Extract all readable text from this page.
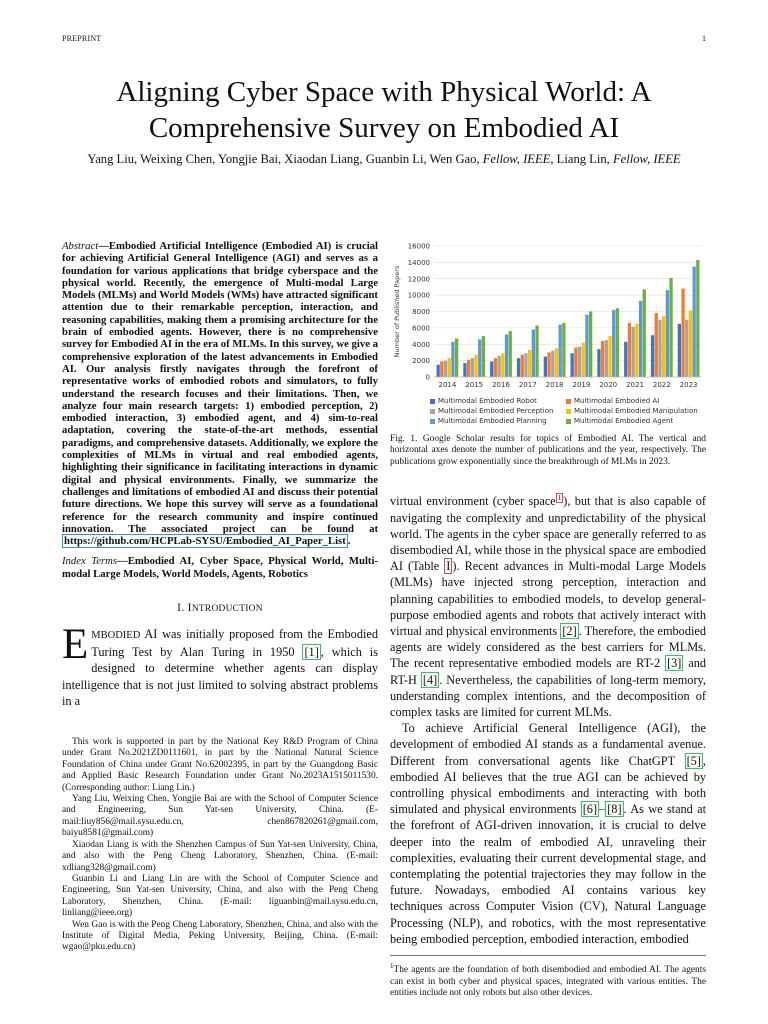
PREPRINT	1
Aligning Cyber Space with Physical World: A Comprehensive Survey on Embodied AI
Yang Liu, Weixing Chen, Yongjie Bai, Xiaodan Liang, Guanbin Li, Wen Gao, Fellow, IEEE, Liang Lin, Fellow, IEEE

Abstract—Embodied Artificial Intelligence (Embodied AI) is crucial for achieving Artificial General Intelligence (AGI) and serves as a foundation for various applications that bridge cyberspace and the physical world. Recently, the emergence of Multi-modal Large Models (MLMs) and World Models (WMs) have attracted significant attention due to their remarkable perception, interaction, and reasoning capabilities, making them a promising architecture for the brain of embodied agents. However, there is no comprehensive survey for Embodied AI in the era of MLMs. In this survey, we give a comprehensive exploration of the latest advancements in Embodied AI. Our analysis firstly navigates through the forefront of representative works of embodied robots and simulators, to fully understand the research focuses and their limitations. Then, we analyze four main research targets: 1) embodied perception, 2) embodied interaction, 3) embodied agent, and 4) sim-to-real adaptation, covering the state-of-the-art methods, essential paradigms, and comprehensive datasets. Additionally, we explore the complexities of MLMs in virtual and real embodied agents, highlighting their significance in facilitating interactions in dynamic digital and physical environments. Finally, we summarize the challenges and limitations of embodied AI and discuss their potential future directions. We hope this survey will serve as a foundational reference for the research community and inspire continued innovation. The associated project can be found at https://github.com/HCPLab-SYSU/Embodied_AI_Paper_List .

Index Terms—Embodied AI, Cyber Space, Physical World, Multi-modal Large Models, World Models, Agents, Robotics

I. INTRODUCTION

EMBODIED AI was initially proposed from the Embodied Turing Test by Alan Turing in 1950 [1] , which is designed to determine whether agents can display intelligence that is not just limited to solving abstract problems in a

This work is supported in part by the National Key R&D Program of China under Grant No.2021ZD0111601, in part by the National Natural Science Foundation of China under Grant No.62002395, in part by the Guangdong Basic and Applied Basic Research Foundation under Grant No.2023A1515011530. (Corresponding author: Liang Lin.)

Yang Liu, Weixing Chen, Yongjie Bai are with the School of Computer Science and Engineering, Sun Yat-sen University, China. (E-mail:liuy856@mail.sysu.edu.cn, chen867820261@gmail.com, baiyu8581@gmail.com)

Xiaodan Liang is with the Shenzhen Campus of Sun Yat-sen University, China, and also with the Peng Cheng Laboratory, Shenzhen, China. (E-mail: xdliang328@gmail.com)

Guanbin Li and Liang Lin are with the School of Computer Science and Engineering, Sun Yat-sen University, China, and also with the Peng Cheng Laboratory, Shenzhen, China. (E-mail: liguanbin@mail.sysu.edu.cn, linliang@ieee.org)

Wen Gao is with the Peng Cheng Laboratory, Shenzhen, China, and also with the Institute of Digital Media, Peking University, Beijing, China. (E-mail: wgao@pku.edu.cn)

0
2000
4000
6000
8000
10000
12000
14000
16000
Number of Published Papers
2014 2015 2016 2017 2018 2019 2020 2021 2022 2023
Multimodal Embodied Robot	Multimodal Embodied AIMultimodal Embodied Perception	Multimodal Embodied ManipulationMultimodal Embodied Planning	Multimodal Embodied Agent

Fig. 1. Google Scholar results for topics of Embodied AI. The vertical and horizontal axes denote the number of publications and the year, respectively. The publications grow exponentially since the breakthrough of MLMs in 2023.

virtual environment (cyber space $^1$ ), but that is also capable of navigating the complexity and unpredictability of the physical world. The agents in the cyber space are generally referred to as disembodied AI, while those in the physical space are embodied AI (Table I ). Recent advances in Multi-modal Large Models (MLMs) have injected strong perception, interaction and planning capabilities to embodied models, to develop general-purpose embodied agents and robots that actively interact with virtual and physical environments [2] . Therefore, the embodied agents are widely considered as the best carriers for MLMs. The recent representative embodied models are RT-2 [3] and RT-H [4] . Nevertheless, the capabilities of long-term memory, understanding complex intentions, and the decomposition of complex tasks are limited for current MLMs.

To achieve Artificial General Intelligence (AGI), the development of embodied AI stands as a fundamental avenue. Different from conversational agents like ChatGPT [5] , embodied AI believes that the true AGI can be achieved by controlling physical embodiments and interacting with both simulated and physical environments [6] – [8] . As we stand at the forefront of AGI-driven innovation, it is crucial to delve deeper into the realm of embodied AI, unraveling their complexities, evaluating their current developmental stage, and contemplating the potential trajectories they may follow in the future. Nowadays, embodied AI contains various key techniques across Computer Vision (CV), Natural Language Processing (NLP), and robotics, with the most representative being embodied perception, embodied interaction, embodied

$^1$The agents are the foundation of both disembodied and embodied AI. The agents can exist in both cyber and physical spaces, integrated with various entities. The entities include not only robots but also other devices.
